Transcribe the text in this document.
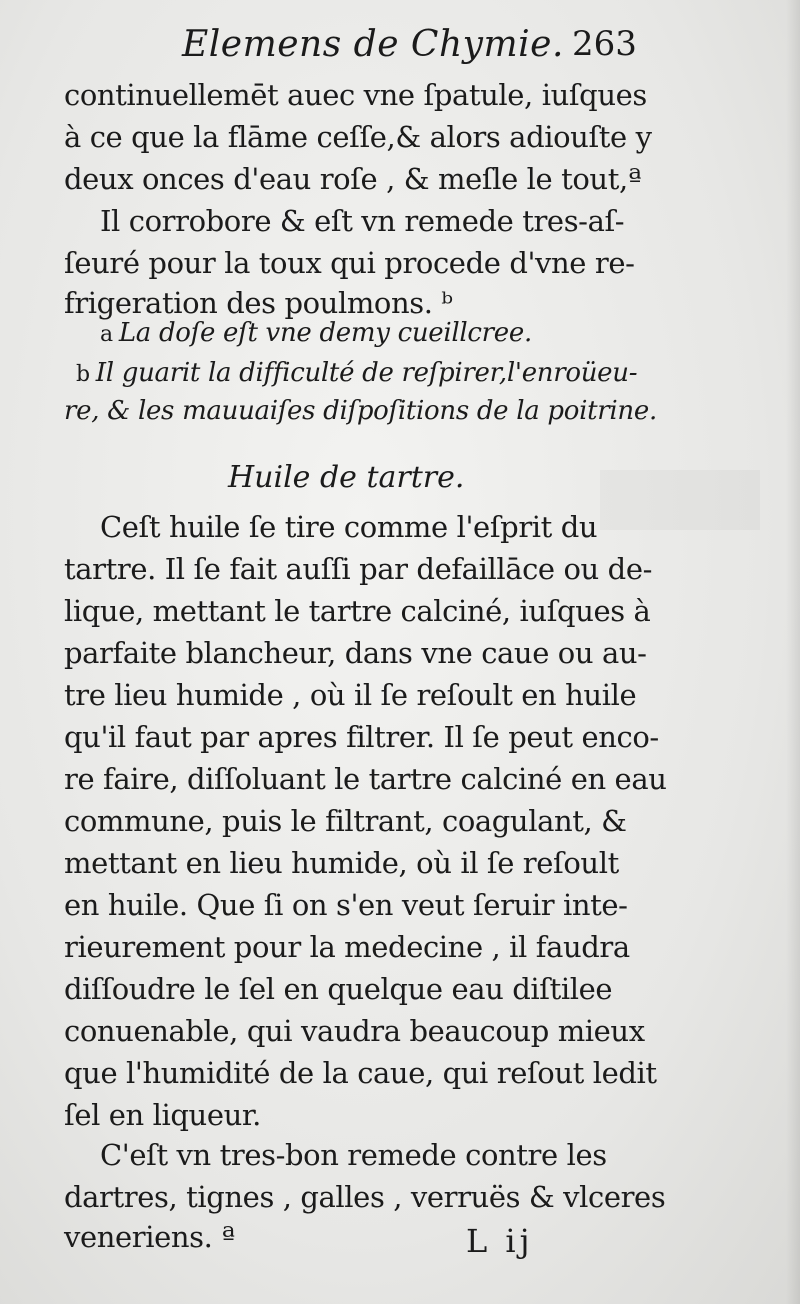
Elemens de Chymie. 263
continuellemēt auec vne ſpatule, iuſques
à ce que la flāme ceſſe,& alors adiouſte y
deux onces d'eau roſe , & meſle le tout,ª
Il corrobore & eſt vn remede tres-aſ-
ſeuré pour la toux qui procede d'vne re-
frigeration des poulmons. ᵇ
a La doſe eſt vne demy cueillcree.
b Il guarit la difficulté de reſpirer,l'enroüeu-
re, & les mauuaiſes diſpoſitions de la poitrine.
Huile de tartre.
Ceſt huile ſe tire comme l'eſprit du
tartre. Il ſe fait auſſi par defaillāce ou de-
lique, mettant le tartre calciné, iuſques à
parfaite blancheur, dans vne caue ou au-
tre lieu humide , où il ſe reſoult en huile
qu'il faut par apres filtrer. Il ſe peut enco-
re faire, diſſoluant le tartre calciné en eau
commune, puis le filtrant, coagulant, &
mettant en lieu humide, où il ſe reſoult
en huile. Que ſi on s'en veut ſeruir inte-
rieurement pour la medecine , il faudra
diſſoudre le ſel en quelque eau diſtilee
conuenable, qui vaudra beaucoup mieux
que l'humidité de la caue, qui reſout ledit
ſel en liqueur.
C'eſt vn tres-bon remede contre les
dartres, tignes , galles , verruës & vlceres
veneriens. ª	L ij
